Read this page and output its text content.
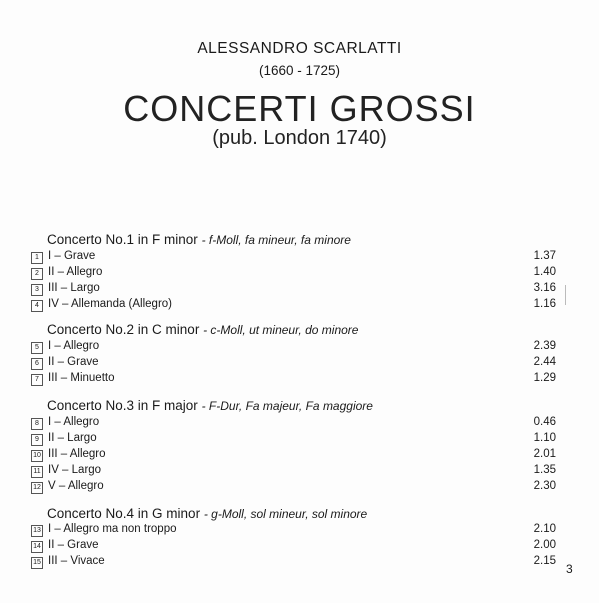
ALESSANDRO SCARLATTI
(1660 - 1725)
CONCERTI GROSSI
(pub. London 1740)
Concerto No.1 in F minor - f-Moll, fa mineur, fa minore
1 I – Grave	1.37
2 II – Allegro	1.40
3 III – Largo	3.16
4 IV – Allemanda (Allegro)	1.16
Concerto No.2 in C minor - c-Moll, ut mineur, do minore
5 I – Allegro	2.39
6 II – Grave	2.44
7 III – Minuetto	1.29
Concerto No.3 in F major - F-Dur, Fa majeur, Fa maggiore
8 I – Allegro	0.46
9 II – Largo	1.10
10 III – Allegro	2.01
11 IV – Largo	1.35
12 V – Allegro	2.30
Concerto No.4 in G minor - g-Moll, sol mineur, sol minore
13 I – Allegro ma non troppo	2.10
14 II – Grave	2.00
15 III – Vivace	2.15
3
